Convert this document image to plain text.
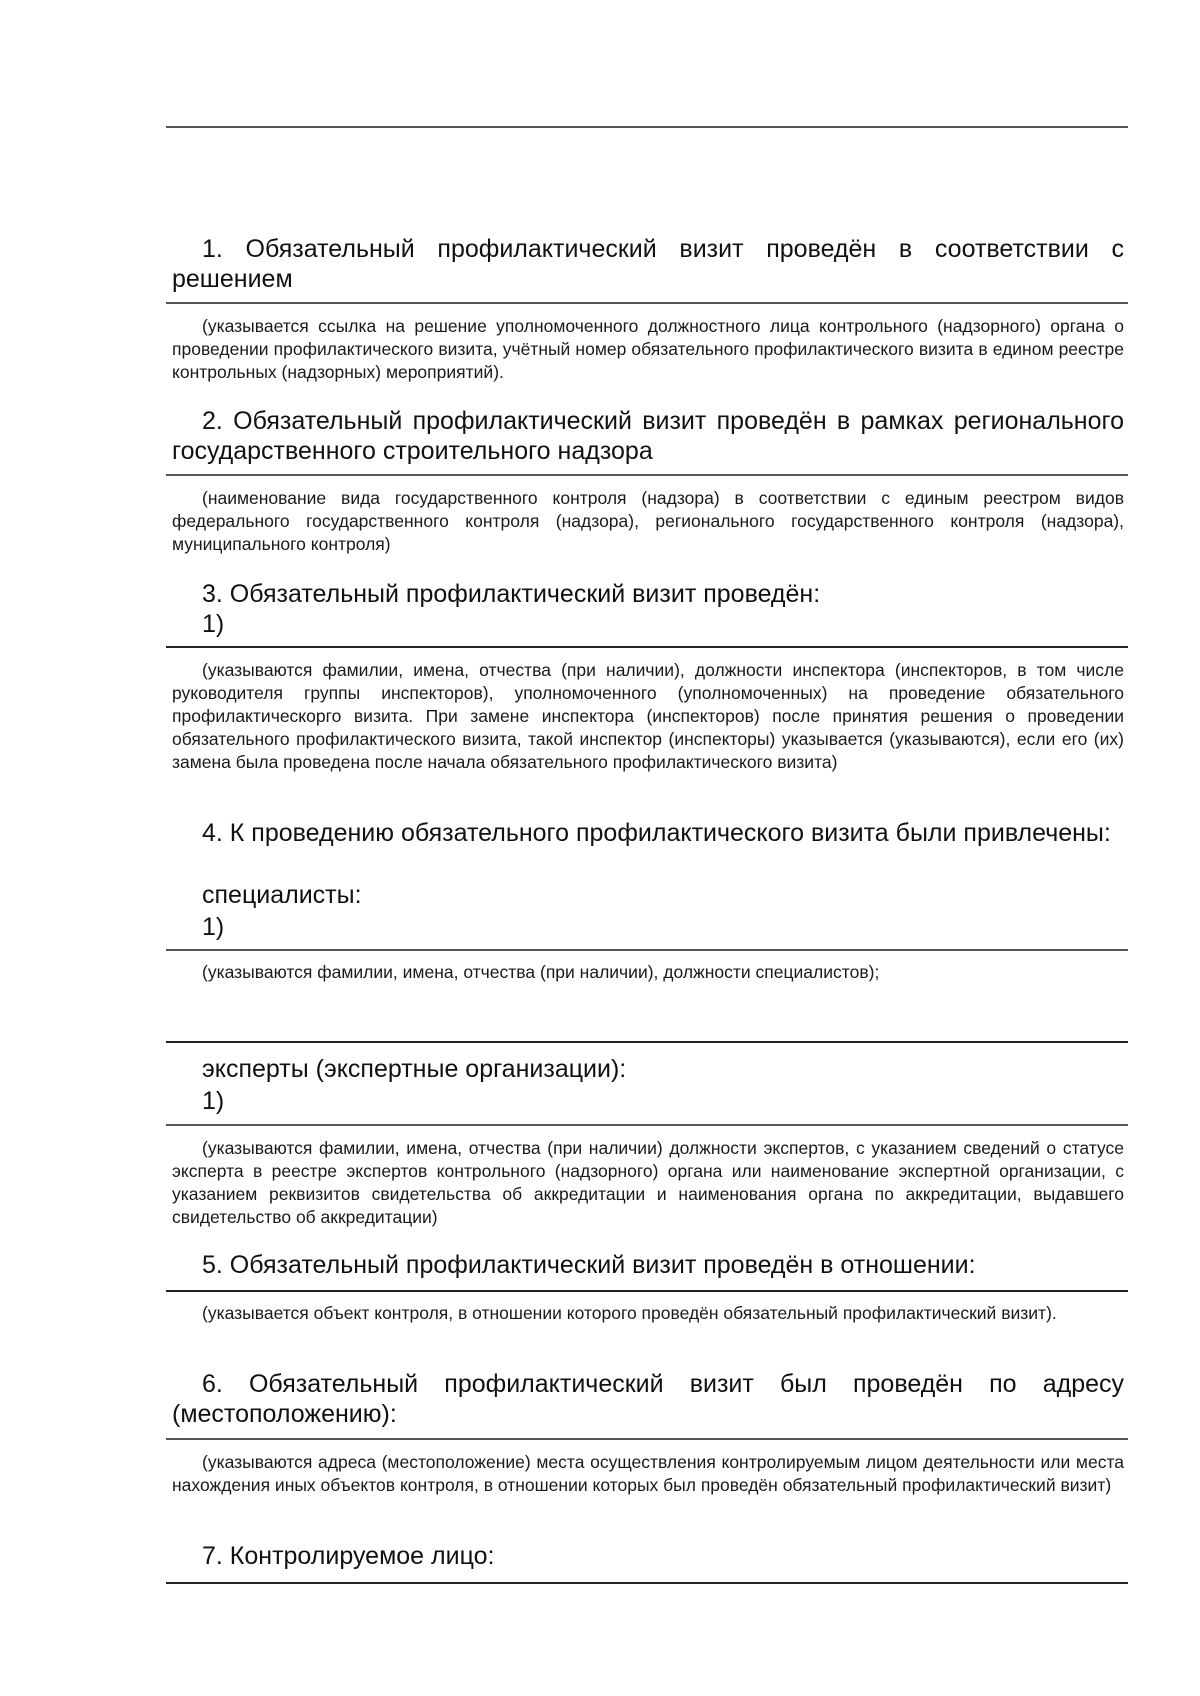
1. Обязательный профилактический визит проведён в соответствии с решением

(указывается ссылка на решение уполномоченного должностного лица контрольного (надзорного) органа о проведении профилактического визита, учётный номер обязательного профилактического визита в едином реестре контрольных (надзорных) мероприятий).

2. Обязательный профилактический визит проведён в рамках регионального государственного строительного надзора

(наименование вида государственного контроля (надзора) в соответствии с единым реестром видов федерального государственного контроля (надзора), регионального государственного контроля (надзора), муниципального контроля)

3. Обязательный профилактический визит проведён:

1)

(указываются фамилии, имена, отчества (при наличии), должности инспектора (инспекторов, в том числе руководителя группы инспекторов), уполномоченного (уполномоченных) на проведение обязательного профилактическорго визита. При замене инспектора (инспекторов) после принятия решения о проведении обязательного профилактического визита, такой инспектор (инспекторы) указывается (указываются), если его (их) замена была проведена после начала обязательного профилактического визита)

4. К проведению обязательного профилактического визита были привлечены:

специалисты:

1)

(указываются фамилии, имена, отчества (при наличии), должности специалистов);

эксперты (экспертные организации):

1)

(указываются фамилии, имена, отчества (при наличии) должности экспертов, с указанием сведений о статусе эксперта в реестре экспертов контрольного (надзорного) органа или наименование экспертной организации, с указанием реквизитов свидетельства об аккредитации и наименования органа по аккредитации, выдавшего свидетельство об аккредитации)

5. Обязательный профилактический визит проведён в отношении:

(указывается объект контроля, в отношении которого проведён обязательный профилактический визит).

6. Обязательный профилактический визит был проведён по адресу (местоположению):

(указываются адреса (местоположение) места осуществления контролируемым лицом деятельности или места нахождения иных объектов контроля, в отношении которых был проведён обязательный профилактический визит)

7. Контролируемое лицо:
